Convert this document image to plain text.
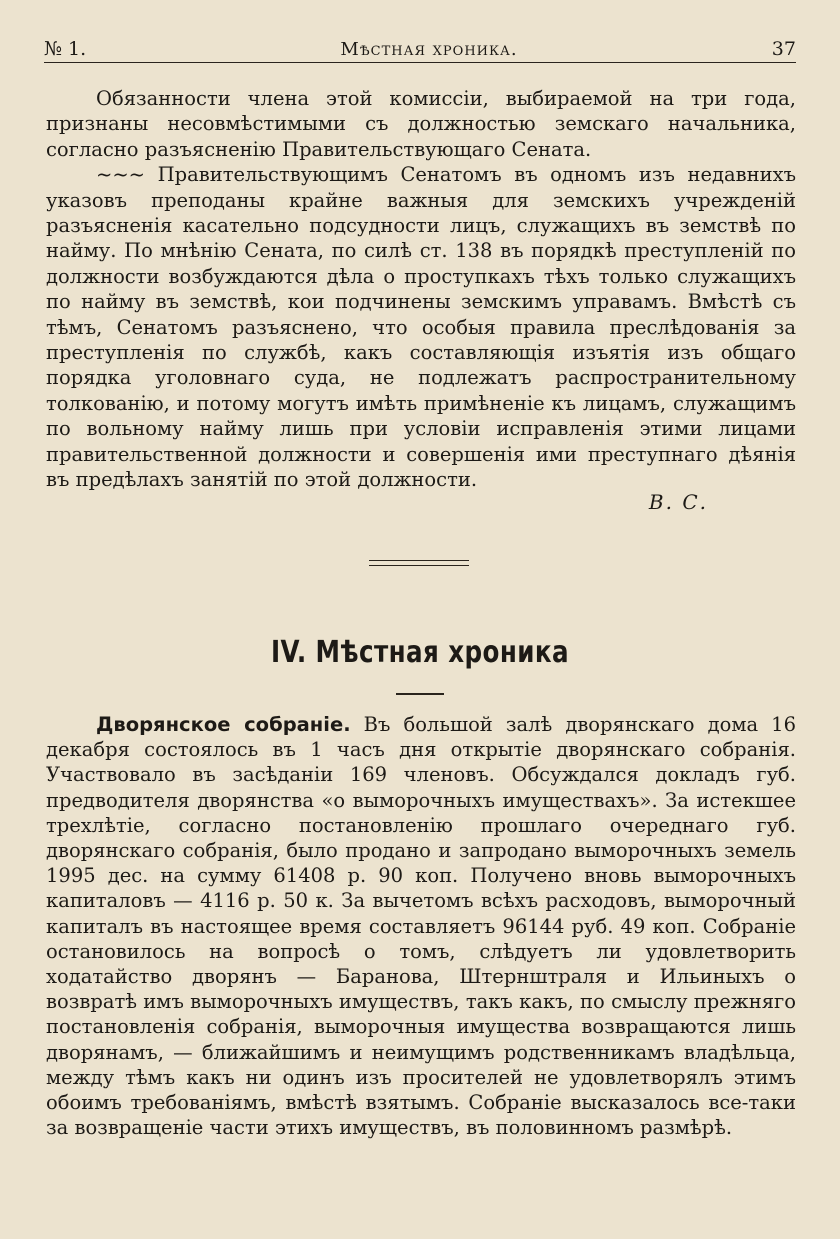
№ 1.	Мѣстная хроника.	37

Обязанности члена этой комиссіи, выбираемой на три года, признаны несовмѣстимыми съ должностью земскаго начальника, согласно разъясненію Правительствующаго Сената.

~~~ Правительствующимъ Сенатомъ въ одномъ изъ недавнихъ указовъ преподаны крайне важныя для земскихъ учрежденій разъясненія касательно подсудности лицъ, служащихъ въ земствѣ по найму. По мнѣнію Сената, по силѣ ст. 138 въ порядкѣ преступленій по должности возбуждаются дѣла о проступкахъ тѣхъ только служащихъ по найму въ земствѣ, кои подчинены земскимъ управамъ. Вмѣстѣ съ тѣмъ, Сенатомъ разъяснено, что особыя правила преслѣдованія за преступленія по службѣ, какъ составляющія изъятія изъ общаго порядка уголовнаго суда, не подлежатъ распространительному толкованію, и потому могутъ имѣть примѣненіе къ лицамъ, служащимъ по вольному найму лишь при условіи исправленія этими лицами правительственной должности и совершенія ими преступнаго дѣянія въ предѣлахъ занятій по этой должности.

В. С.
IV. Мѣстная хроника

Дворянское собраніе. Въ большой залѣ дворянскаго дома 16 декабря состоялось въ 1 часъ дня открытіе дворянскаго собранія. Участвовало въ засѣданіи 169 членовъ. Обсуждался докладъ губ. предводителя дворянства «о выморочныхъ имуществахъ». За истекшее трехлѣтіе, согласно постановленію прошлаго очереднаго губ. дворянскаго собранія, было продано и запродано выморочныхъ земель 1995 дес. на сумму 61408 р. 90 коп. Получено вновь выморочныхъ капиталовъ — 4116 р. 50 к. За вычетомъ всѣхъ расходовъ, выморочный капиталъ въ настоящее время составляетъ 96144 руб. 49 коп. Собраніе остановилось на вопросѣ о томъ, слѣдуетъ ли удовлетворить ходатайство дворянъ — Баранова, Штернштраля и Ильиныхъ о возвратѣ имъ выморочныхъ имуществъ, такъ какъ, по смыслу прежняго постановленія собранія, выморочныя имущества возвращаются лишь дворянамъ, — ближайшимъ и неимущимъ родственникамъ владѣльца, между тѣмъ какъ ни одинъ изъ просителей не удовлетворялъ этимъ обоимъ требованіямъ, вмѣстѣ взятымъ. Собраніе высказалось все-таки за возвращеніе части этихъ имуществъ, въ половинномъ размѣрѣ.
